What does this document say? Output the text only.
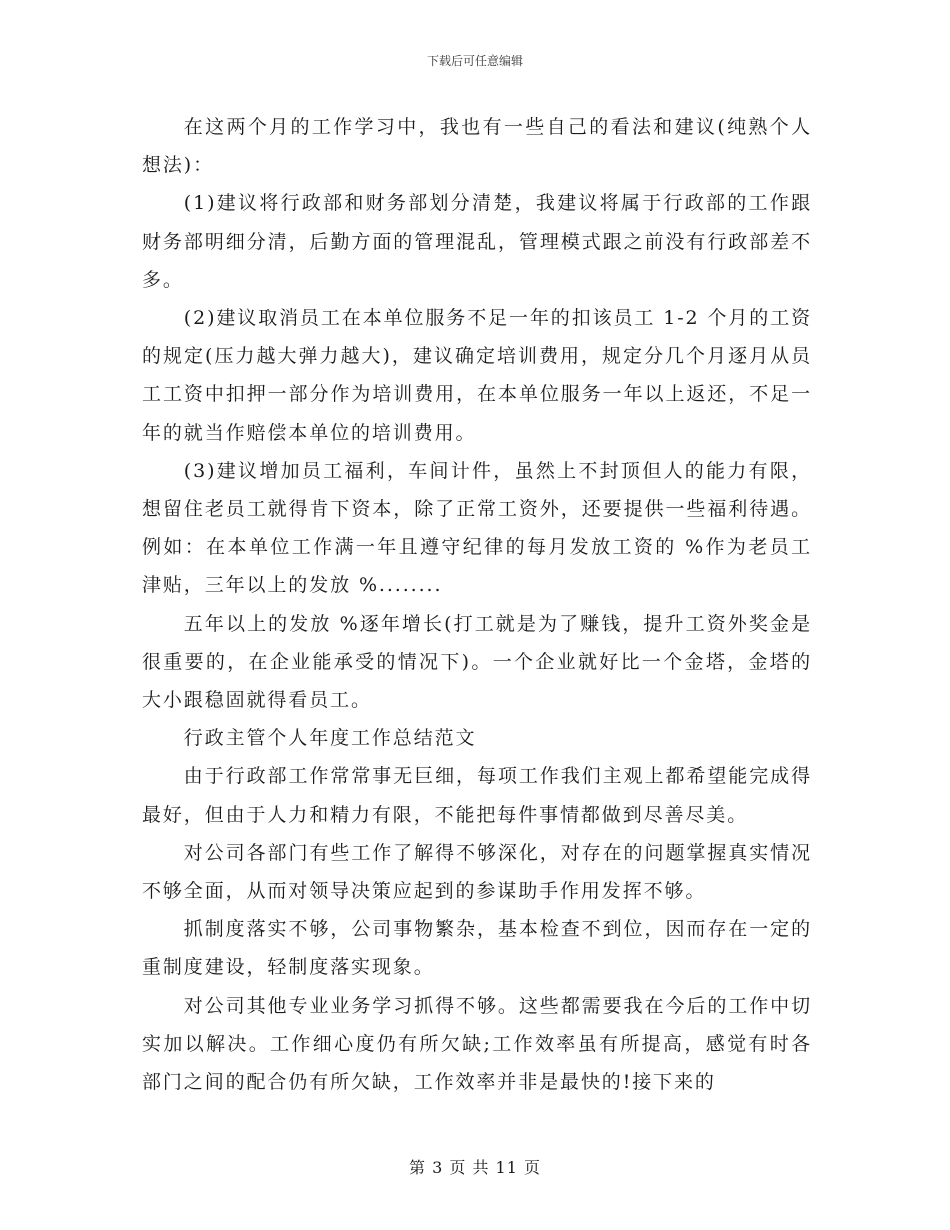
下载后可任意编辑

在这两个月的工作学习中，我也有一些自己的看法和建议(纯熟个人想法)：

(1)建议将行政部和财务部划分清楚，我建议将属于行政部的工作跟财务部明细分清，后勤方面的管理混乱，管理模式跟之前没有行政部差不多。

(2)建议取消员工在本单位服务不足一年的扣该员工 1-2 个月的工资的规定(压力越大弹力越大)，建议确定培训费用，规定分几个月逐月从员工工资中扣押一部分作为培训费用，在本单位服务一年以上返还，不足一年的就当作赔偿本单位的培训费用。

(3)建议增加员工福利，车间计件，虽然上不封顶但人的能力有限，想留住老员工就得肯下资本，除了正常工资外，还要提供一些福利待遇。例如：在本单位工作满一年且遵守纪律的每月发放工资的 %作为老员工津贴，三年以上的发放 %........

五年以上的发放 %逐年增长(打工就是为了赚钱，提升工资外奖金是很重要的，在企业能承受的情况下)。一个企业就好比一个金塔，金塔的大小跟稳固就得看员工。

行政主管个人年度工作总结范文

由于行政部工作常常事无巨细，每项工作我们主观上都希望能完成得最好，但由于人力和精力有限，不能把每件事情都做到尽善尽美。

对公司各部门有些工作了解得不够深化，对存在的问题掌握真实情况不够全面，从而对领导决策应起到的参谋助手作用发挥不够。

抓制度落实不够，公司事物繁杂，基本检查不到位，因而存在一定的重制度建设，轻制度落实现象。

对公司其他专业业务学习抓得不够。这些都需要我在今后的工作中切实加以解决。工作细心度仍有所欠缺;工作效率虽有所提高，感觉有时各部门之间的配合仍有所欠缺，工作效率并非是最快的!接下来的

第 3 页 共 11 页
